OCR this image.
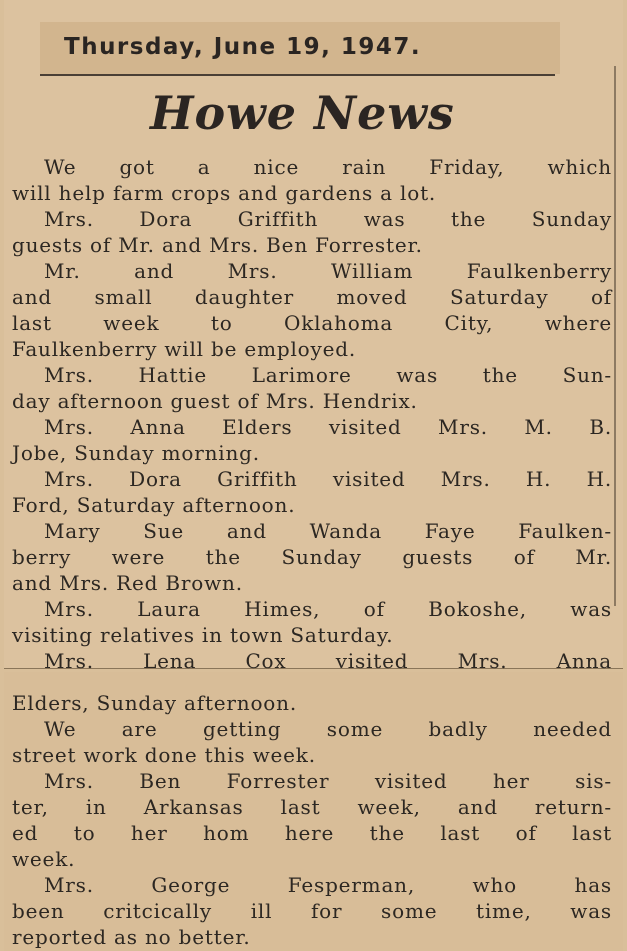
Thursday, June 19, 1947.
Howe News
We got a nice rain Friday, which
will help farm crops and gardens a lot.
Mrs. Dora Griffith was the Sunday
guests of Mr. and Mrs. Ben Forrester.
Mr. and Mrs. William Faulkenberry
and small daughter moved Saturday of
last week to Oklahoma City, where
Faulkenberry will be employed.
Mrs. Hattie Larimore was the Sun-
day afternoon guest of Mrs. Hendrix.
Mrs. Anna Elders visited Mrs. M. B.
Jobe, Sunday morning.
Mrs. Dora Griffith visited Mrs. H. H.
Ford, Saturday afternoon.
Mary Sue and Wanda Faye Faulken-
berry were the Sunday guests of Mr.
and Mrs. Red Brown.
Mrs. Laura Himes, of Bokoshe, was
visiting relatives in town Saturday.
Mrs. Lena Cox visited Mrs. Anna
Elders, Sunday afternoon.
We are getting some badly needed
street work done this week.
Mrs. Ben Forrester visited her sis-
ter, in Arkansas last week, and return-
ed to her hom here the last of last
week.
Mrs. George Fesperman, who has
been critcically ill for some time, was
reported as no better.
